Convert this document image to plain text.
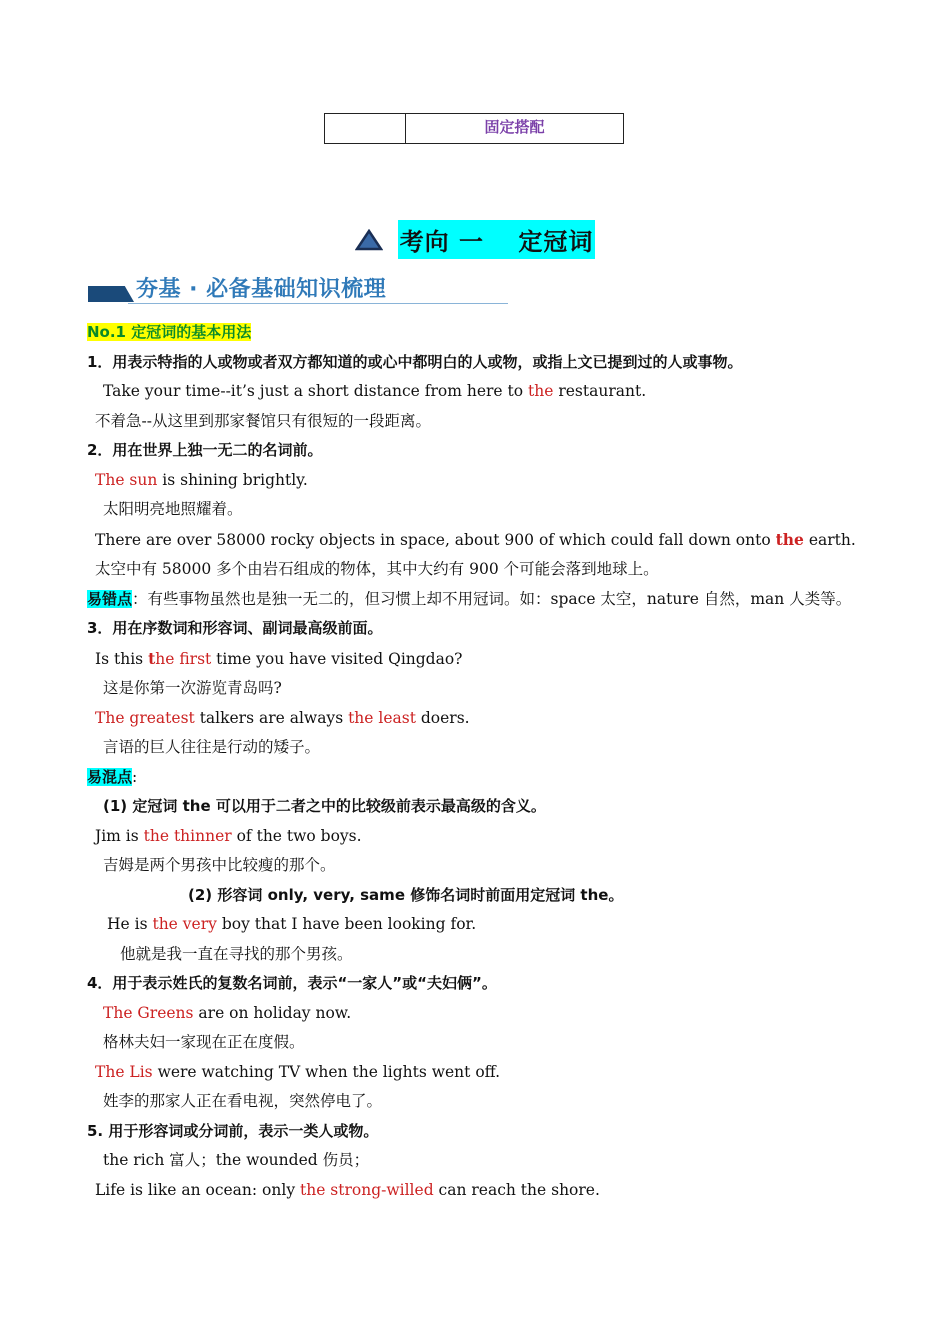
固定搭配
考向 一　 定冠词
夯基 · 必备基础知识梳理

No.1 定冠词的基本用法

1．用表示特指的人或物或者双方都知道的或心中都明白的人或物，或指上文已提到过的人或事物。

Take your time--it’s just a short distance from here to the restaurant.

不着急--从这里到那家餐馆只有很短的一段距离。

2．用在世界上独一无二的名词前。

The sun is shining brightly.

太阳明亮地照耀着。

There are over 58000 rocky objects in space, about 900 of which could fall down onto the earth.

太空中有 58000 多个由岩石组成的物体，其中大约有 900 个可能会落到地球上。

易错点：有些事物虽然也是独一无二的，但习惯上却不用冠词。如：space 太空，nature 自然，man 人类等。

3．用在序数词和形容词、副词最高级前面。

Is this the first time you have visited Qingdao?

这是你第一次游览青岛吗?

The greatest talkers are always the least doers.

言语的巨人往往是行动的矮子。

易混点:

(1) 定冠词 the 可以用于二者之中的比较级前表示最高级的含义。

Jim is the thinner of the two boys.

吉姆是两个男孩中比较瘦的那个。

(2) 形容词 only, very, same 修饰名词时前面用定冠词 the。

He is the very boy that I have been looking for.

他就是我一直在寻找的那个男孩。

4．用于表示姓氏的复数名词前，表示“一家人”或“夫妇俩”。

The Greens are on holiday now.

格林夫妇一家现在正在度假。

The Lis were watching TV when the lights went off.

姓李的那家人正在看电视，突然停电了。

5. 用于形容词或分词前，表示一类人或物。

the rich 富人；the wounded 伤员；

Life is like an ocean: only the strong-willed can reach the shore.
